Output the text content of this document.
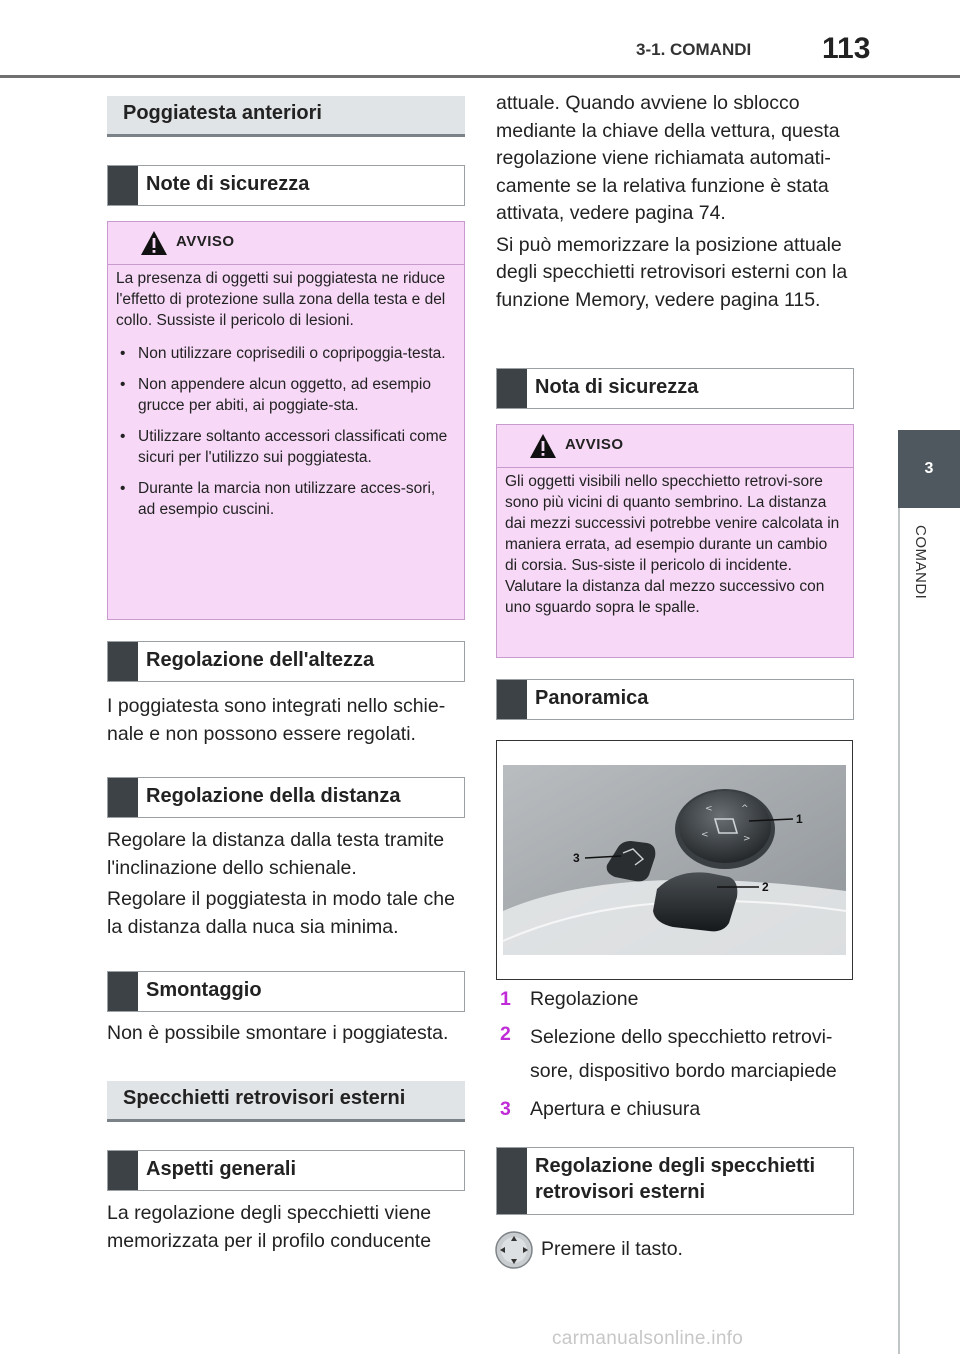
3-1. COMANDI 113
3
COMANDI
Poggiatesta anteriori
Note di sicurezza
AVVISO

La presenza di oggetti sui poggiatesta ne riduce l'effetto di protezione sulla zona della testa e del collo. Sussiste il pericolo di lesioni.

• Non utilizzare coprisedili o copripoggia-testa.
• Non appendere alcun oggetto, ad esempio grucce per abiti, ai poggiate-sta.
• Utilizzare soltanto accessori classificati come sicuri per l'utilizzo sui poggiatesta.
• Durante la marcia non utilizzare acces-sori, ad esempio cuscini.
Regolazione dell'altezza

I poggiatesta sono integrati nello schie-nale e non possono essere regolati.

Regolazione della distanza

Regolare la distanza dalla testa tramite l'inclinazione dello schienale.

Regolare il poggiatesta in modo tale che la distanza dalla nuca sia minima.

Smontaggio

Non è possibile smontare i poggiatesta.

Specchietti retrovisori esterni
Aspetti generali

La regolazione degli specchietti viene memorizzata per il profilo conducente

attuale. Quando avviene lo sblocco mediante la chiave della vettura, questa regolazione viene richiamata automati-camente se la relativa funzione è stata attivata, vedere pagina 74.

Si può memorizzare la posizione attuale degli specchietti retrovisori esterni con la funzione Memory, vedere pagina 115.

Nota di sicurezza
AVVISO

Gli oggetti visibili nello specchietto retrovi-sore sono più vicini di quanto sembrino. La distanza dai mezzi successivi potrebbe venire calcolata in maniera errata, ad esempio durante un cambio di corsia. Sus-siste il pericolo di incidente. Valutare la distanza dal mezzo successivo con uno sguardo sopra le spalle.

Panoramica
<	^
<	>
1
2
3
1 Regolazione
2 Selezione dello specchietto retrovi-sore, dispositivo bordo marciapiede
3 Apertura e chiusura
Regolazione degli specchietti retrovisori esterni

Premere il tasto.

carmanualsonline.info
